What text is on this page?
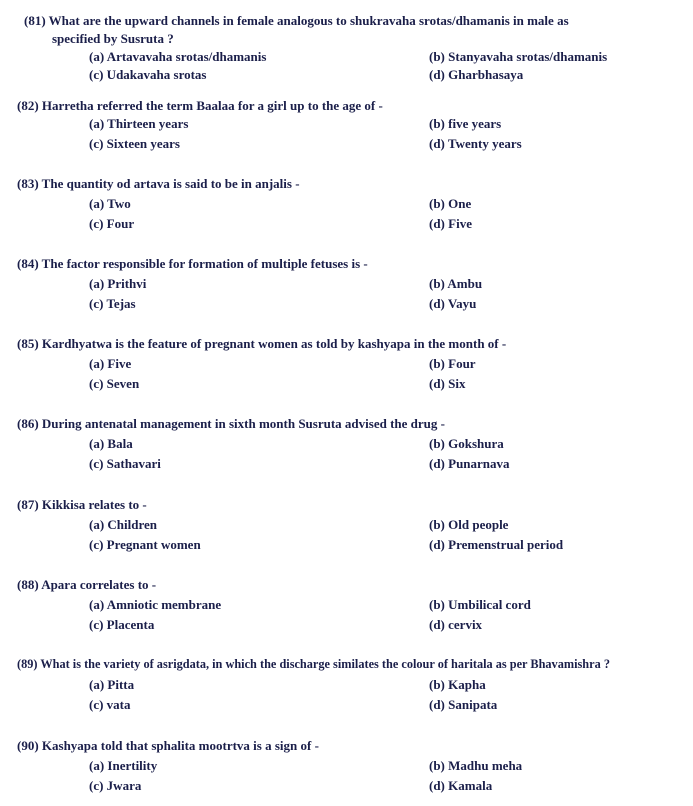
(81) What are the upward channels in female analogous to shukravaha srotas/dhamanis in male as
specified by Susruta ?
(a) Artavavaha srotas/dhamanis	(b) Stanyavaha srotas/dhamanis
(c) Udakavaha srotas	(d) Gharbhasaya
(82) Harretha referred the term Baalaa for a girl up to the age of -
(a) Thirteen years	(b) five years
(c) Sixteen years	(d) Twenty years
(83) The quantity od artava is said to be in anjalis -
(a) Two	(b) One
(c) Four	(d) Five
(84) The factor responsible for formation of multiple fetuses is -
(a) Prithvi	(b) Ambu
(c) Tejas	(d) Vayu
(85) Kardhyatwa is the feature of pregnant women as told by kashyapa in the month of -
(a) Five	(b) Four
(c) Seven	(d) Six
(86) During antenatal management in sixth month Susruta advised the drug -
(a) Bala	(b) Gokshura
(c) Sathavari	(d) Punarnava
(87) Kikkisa relates to -
(a) Children	(b) Old people
(c) Pregnant women	(d) Premenstrual period
(88) Apara correlates to -
(a) Amniotic membrane	(b) Umbilical cord
(c) Placenta	(d) cervix
(89) What is the variety of asrigdata, in which the discharge similates the colour of haritala as per Bhavamishra ?
(a) Pitta	(b) Kapha
(c) vata	(d) Sanipata
(90) Kashyapa told that sphalita mootrtva is a sign of -
(a) Inertility	(b) Madhu meha
(c) Jwara	(d) Kamala
